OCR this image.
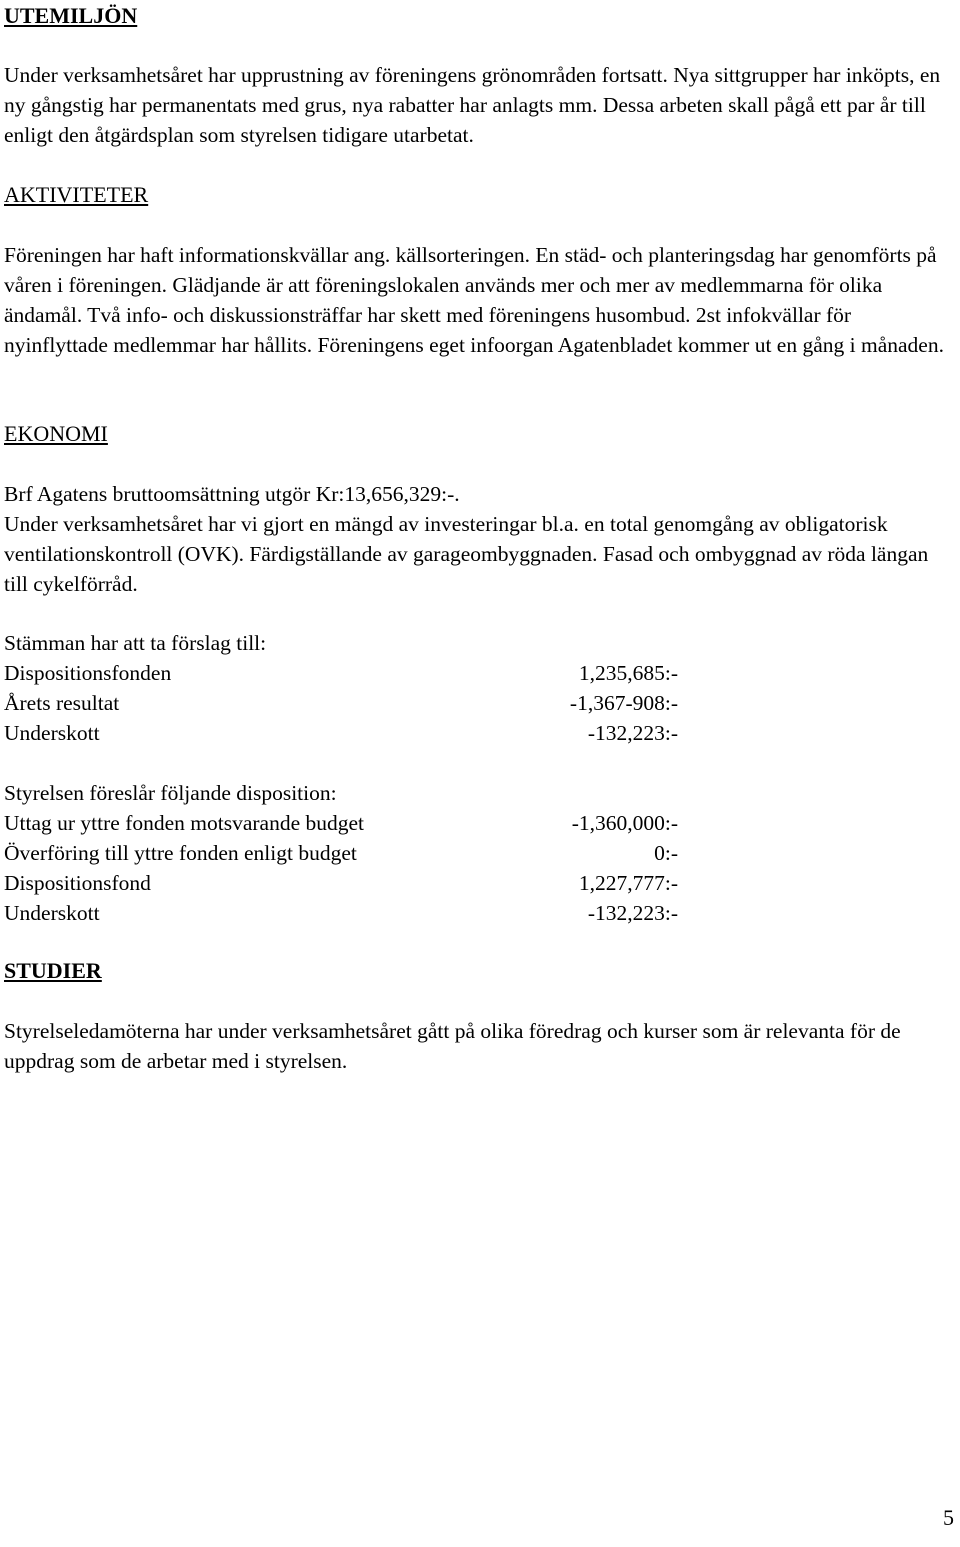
UTEMILJÖN

Under verksamhetsåret har upprustning av föreningens grönområden fortsatt. Nya sittgrupper har inköpts, en ny gångstig har permanentats med grus, nya rabatter har anlagts mm. Dessa arbeten skall pågå ett par år till enligt den åtgärdsplan som styrelsen tidigare utarbetat.

AKTIVITETER

Föreningen har haft informationskvällar ang. källsorteringen. En städ- och planteringsdag har genomförts på våren i föreningen. Glädjande är att föreningslokalen används mer och mer av medlemmarna för olika ändamål. Två info- och diskussionsträffar har skett med föreningens husombud. 2st infokvällar för nyinflyttade medlemmar har hållits. Föreningens eget infoorgan Agatenbladet kommer ut en gång i månaden.

EKONOMI
Brf Agatens bruttoomsättning utgör Kr:13,656,329:-.
Under verksamhetsåret har vi gjort en mängd av investeringar bl.a. en total genomgång av obligatorisk ventilationskontroll (OVK). Färdigställande av garageombyggnaden. Fasad och ombyggnad av röda längan till cykelförråd.
Stämman har att ta förslag till:
Dispositionsfonden	1,235,685:-
Årets resultat	-1,367-908:-
Underskott	-132,223:-
Styrelsen föreslår följande disposition:
Uttag ur yttre fonden motsvarande budget	-1,360,000:-
Överföring till yttre fonden enligt budget	0:-
Dispositionsfond	1,227,777:-
Underskott	-132,223:-
STUDIER

Styrelseledamöterna har under verksamhetsåret gått på olika föredrag och kurser som är relevanta för de uppdrag som de arbetar med i styrelsen.

5
